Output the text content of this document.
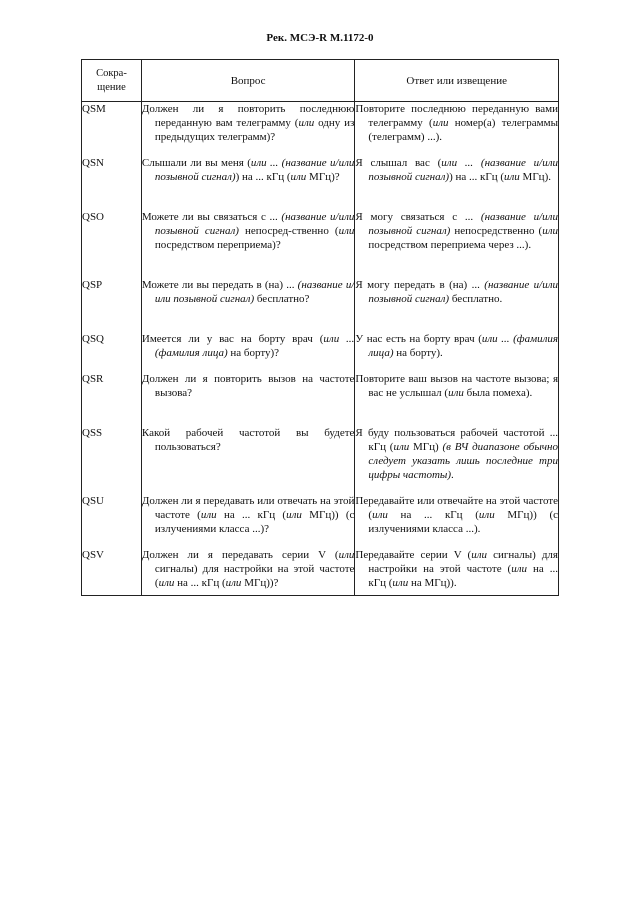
Рек. МСЭ-R M.1172-0
Сокра-
щение	Вопрос	Ответ или извещение
QSM	Должен ли я повторить последнюю переданную вам телеграмму (или одну из предыдущих телеграмм)?	Повторите последнюю переданную вами телеграмму (или номер(а) телеграммы (телеграмм) ...).

QSN	Слышали ли вы меня (или ... (название и/или позывной сигнал)) на ... кГц (или МГц)?	Я слышал вас (или ... (название и/или позывной сигнал)) на ... кГц (или МГц).

QSO	Можете ли вы связаться с ... (название и/или позывной сигнал) непосред-ственно (или посредством переприема)?	Я могу связаться с ... (название и/или позывной сигнал) непосредственно (или посредством переприема через ...).

QSP	Можете ли вы передать в (на) ... (название и/или позывной сигнал) бесплатно?	Я могу передать в (на) ... (название и/или позывной сигнал) бесплатно.

QSQ	Имеется ли у вас на борту врач (или ... (фамилия лица) на борту)?	У нас есть на борту врач (или ... (фамилия лица) на борту).

QSR	Должен ли я повторить вызов на частоте вызова?	Повторите ваш вызов на частоте вызова; я вас не услышал (или была помеха).

QSS	Какой рабочей частотой вы будете пользоваться?	Я буду пользоваться рабочей частотой ... кГц (или МГц) (в ВЧ диапазоне обычно следует указать лишь последние три цифры частоты).

QSU	Должен ли я передавать или отвечать на этой частоте (или на ... кГц (или МГц)) (с излучениями класса ...)?	Передавайте или отвечайте на этой частоте (или на ... кГц (или МГц)) (с излучениями класса ...).

QSV	Должен ли я передавать серии V (или сигналы) для настройки на этой частоте (или на ... кГц (или МГц))?	Передавайте серии V (или сигналы) для настройки на этой частоте (или на ... кГц (или на МГц)).
